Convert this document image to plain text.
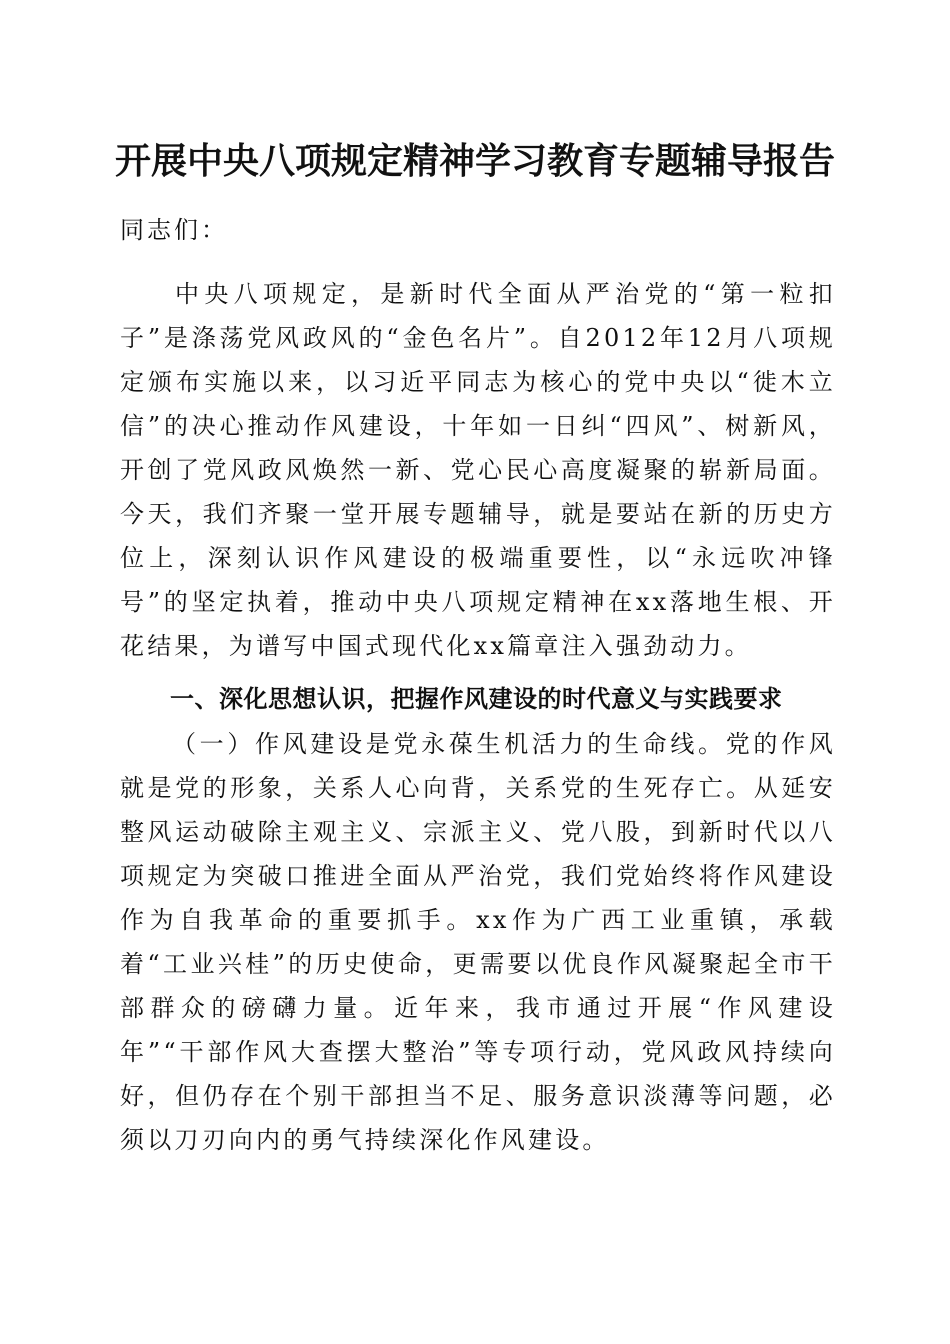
开展中央八项规定精神学习教育专题辅导报告
同志们：
中央八项规定，是新时代全面从严治党的“第一粒扣子”是涤荡党风政风的“金色名片”。自2012年12月八项规定颁布实施以来，以习近平同志为核心的党中央以“徙木立信”的决心推动作风建设，十年如一日纠“四风”、树新风，开创了党风政风焕然一新、党心民心高度凝聚的崭新局面。今天，我们齐聚一堂开展专题辅导，就是要站在新的历史方位上，深刻认识作风建设的极端重要性，以“永远吹冲锋号”的坚定执着，推动中央八项规定精神在xx落地生根、开花结果，为谱写中国式现代化xx篇章注入强劲动力。
一、深化思想认识，把握作风建设的时代意义与实践要求
（一）作风建设是党永葆生机活力的生命线。党的作风就是党的形象，关系人心向背，关系党的生死存亡。从延安整风运动破除主观主义、宗派主义、党八股，到新时代以八项规定为突破口推进全面从严治党，我们党始终将作风建设作为自我革命的重要抓手。xx作为广西工业重镇，承载着“工业兴桂”的历史使命，更需要以优良作风凝聚起全市干部群众的磅礴力量。近年来，我市通过开展“作风建设年”“干部作风大查摆大整治”等专项行动，党风政风持续向好，但仍存在个别干部担当不足、服务意识淡薄等问题，必须以刀刃向内的勇气持续深化作风建设。
